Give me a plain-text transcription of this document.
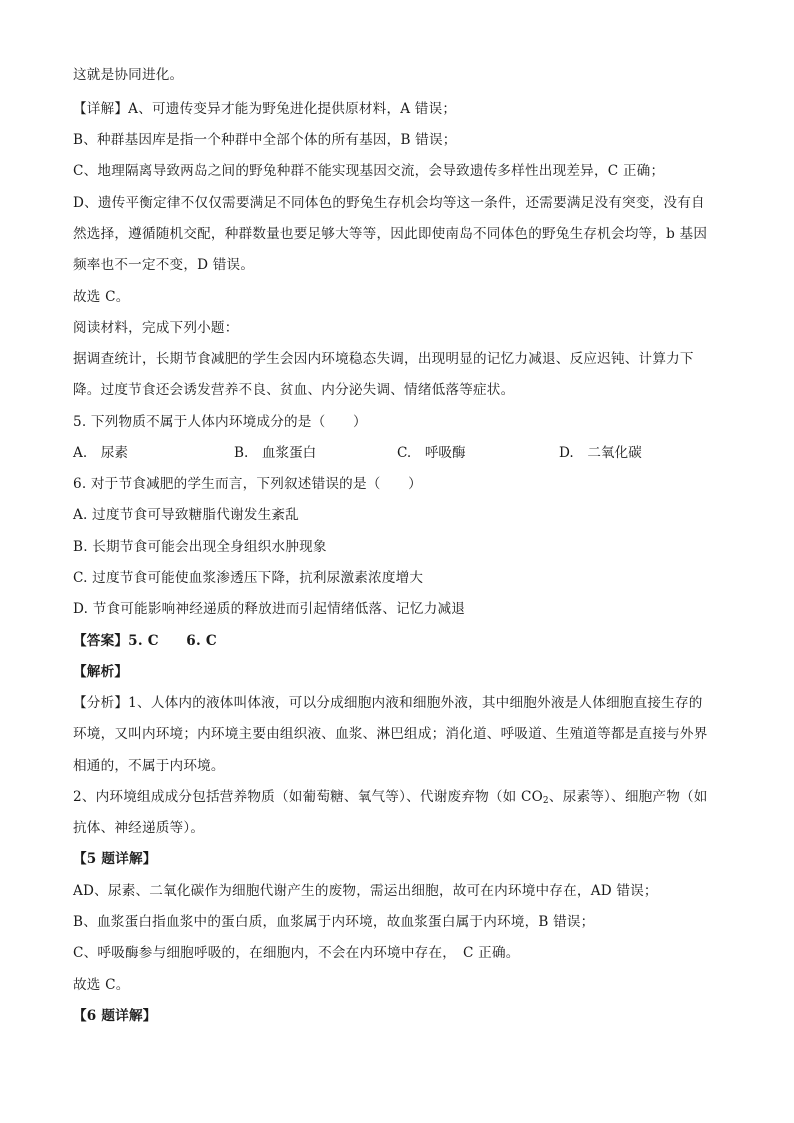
这就是协同进化。
【详解】A、可遗传变异才能为野兔进化提供原材料，A 错误；
B、种群基因库是指一个种群中全部个体的所有基因，B 错误；
C、地理隔离导致两岛之间的野兔种群不能实现基因交流，会导致遗传多样性出现差异，C 正确；
D、遗传平衡定律不仅仅需要满足不同体色的野兔生存机会均等这一条件，还需要满足没有突变，没有自
然选择，遵循随机交配，种群数量也要足够大等等，因此即使南岛不同体色的野兔生存机会均等，b 基因
频率也不一定不变，D 错误。
故选 C。
阅读材料，完成下列小题：
据调查统计，长期节食减肥的学生会因内环境稳态失调，出现明显的记忆力减退、反应迟钝、计算力下
降。过度节食还会诱发营养不良、贫血、内分泌失调、情绪低落等症状。
5. 下列物质不属于人体内环境成分的是（　　）
A.　尿素	B.　血浆蛋白	C.　呼吸酶	D.　二氧化碳
6. 对于节食减肥的学生而言，下列叙述错误的是（　　）
A. 过度节食可导致糖脂代谢发生紊乱
B. 长期节食可能会出现全身组织水肿现象
C. 过度节食可能使血浆渗透压下降，抗利尿激素浓度增大
D. 节食可能影响神经递质的释放进而引起情绪低落、记忆力减退
【答案】5. C　　6. C
【解析】
【分析】1、人体内的液体叫体液，可以分成细胞内液和细胞外液，其中细胞外液是人体细胞直接生存的
环境，又叫内环境；内环境主要由组织液、血浆、淋巴组成；消化道、呼吸道、生殖道等都是直接与外界
相通的，不属于内环境。
2、内环境组成成分包括营养物质（如葡萄糖、氧气等）、代谢废弃物（如 $CO_2$、尿素等）、细胞产物（如
抗体、神经递质等）。
【5 题详解】
AD、尿素、二氧化碳作为细胞代谢产生的废物，需运出细胞，故可在内环境中存在，AD 错误；
B、血浆蛋白指血浆中的蛋白质，血浆属于内环境，故血浆蛋白属于内环境，B 错误；
C、呼吸酶参与细胞呼吸的，在细胞内，不会在内环境中存在，　C 正确。
故选 C。
【6 题详解】
